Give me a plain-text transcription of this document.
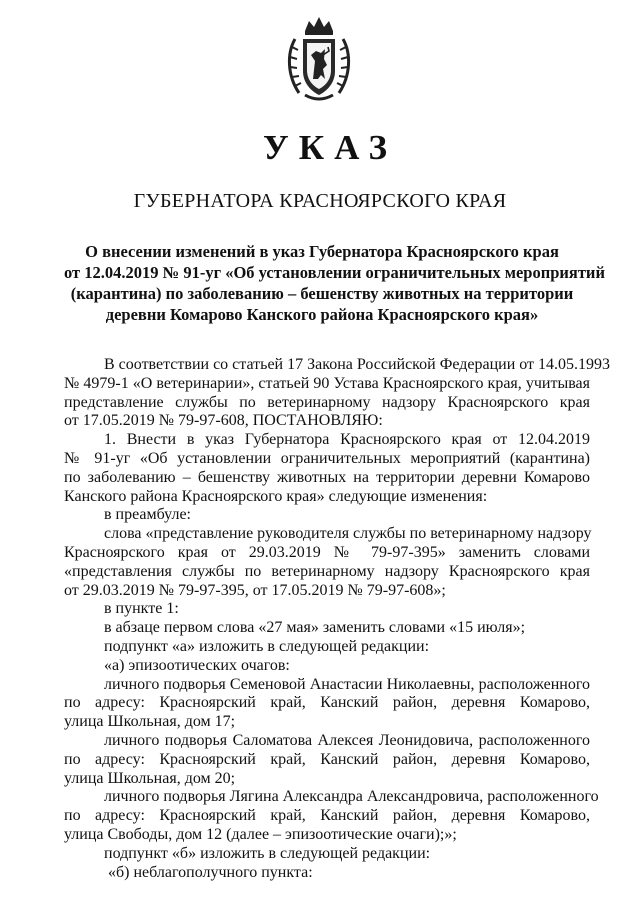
УКАЗ
ГУБЕРНАТОРА КРАСНОЯРСКОГО КРАЯ
О внесении изменений в указ Губернатора Красноярского края
от 12.04.2019 № 91-уг «Об установлении ограничительных мероприятий
(карантина) по заболеванию – бешенству животных на территории
деревни Комарово Канского района Красноярского края»
В соответствии со статьей 17 Закона Российской Федерации от 14.05.1993
№ 4979-1 «О ветеринарии», статьей 90 Устава Красноярского края, учитывая
представление службы по ветеринарному надзору Красноярского края
от 17.05.2019 № 79-97-608, ПОСТАНОВЛЯЮ:
1. Внести в указ Губернатора Красноярского края от 12.04.2019
№ 91-уг «Об установлении ограничительных мероприятий (карантина)
по заболеванию – бешенству животных на территории деревни Комарово
Канского района Красноярского края» следующие изменения:
в преамбуле:
слова «представление руководителя службы по ветеринарному надзору
Красноярского края от 29.03.2019 № 79-97-395» заменить словами
«представления службы по ветеринарному надзору Красноярского края
от 29.03.2019 № 79-97-395, от 17.05.2019 № 79-97-608»;
в пункте 1:
в абзаце первом слова «27 мая» заменить словами «15 июля»;
подпункт «а» изложить в следующей редакции:
«а) эпизоотических очагов:
личного подворья Семеновой Анастасии Николаевны, расположенного
по адресу: Красноярский край, Канский район, деревня Комарово,
улица Школьная, дом 17;
личного подворья Саломатова Алексея Леонидовича, расположенного
по адресу: Красноярский край, Канский район, деревня Комарово,
улица Школьная, дом 20;
личного подворья Лягина Александра Александровича, расположенного
по адресу: Красноярский край, Канский район, деревня Комарово,
улица Свободы, дом 12 (далее – эпизоотические очаги);»;
подпункт «б» изложить в следующей редакции:
«б) неблагополучного пункта:
